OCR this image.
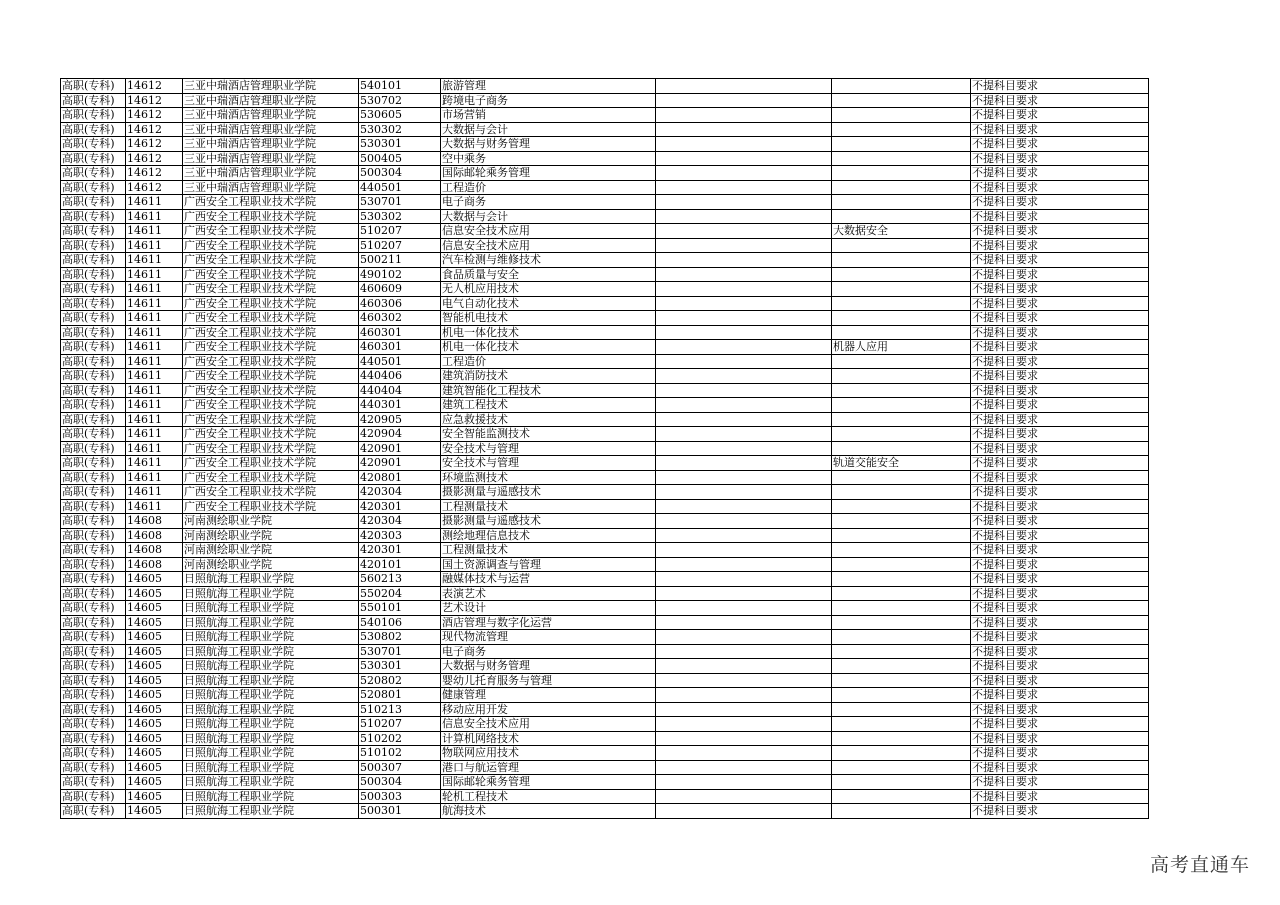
高职(专科)	14612	三亚中瑞酒店管理职业学院	540101	旅游管理			不提科目要求
高职(专科)	14612	三亚中瑞酒店管理职业学院	530702	跨境电子商务			不提科目要求
高职(专科)	14612	三亚中瑞酒店管理职业学院	530605	市场营销			不提科目要求
高职(专科)	14612	三亚中瑞酒店管理职业学院	530302	大数据与会计			不提科目要求
高职(专科)	14612	三亚中瑞酒店管理职业学院	530301	大数据与财务管理			不提科目要求
高职(专科)	14612	三亚中瑞酒店管理职业学院	500405	空中乘务			不提科目要求
高职(专科)	14612	三亚中瑞酒店管理职业学院	500304	国际邮轮乘务管理			不提科目要求
高职(专科)	14612	三亚中瑞酒店管理职业学院	440501	工程造价			不提科目要求
高职(专科)	14611	广西安全工程职业技术学院	530701	电子商务			不提科目要求
高职(专科)	14611	广西安全工程职业技术学院	530302	大数据与会计			不提科目要求
高职(专科)	14611	广西安全工程职业技术学院	510207	信息安全技术应用		大数据安全	不提科目要求
高职(专科)	14611	广西安全工程职业技术学院	510207	信息安全技术应用			不提科目要求
高职(专科)	14611	广西安全工程职业技术学院	500211	汽车检测与维修技术			不提科目要求
高职(专科)	14611	广西安全工程职业技术学院	490102	食品质量与安全			不提科目要求
高职(专科)	14611	广西安全工程职业技术学院	460609	无人机应用技术			不提科目要求
高职(专科)	14611	广西安全工程职业技术学院	460306	电气自动化技术			不提科目要求
高职(专科)	14611	广西安全工程职业技术学院	460302	智能机电技术			不提科目要求
高职(专科)	14611	广西安全工程职业技术学院	460301	机电一体化技术			不提科目要求
高职(专科)	14611	广西安全工程职业技术学院	460301	机电一体化技术		机器人应用	不提科目要求
高职(专科)	14611	广西安全工程职业技术学院	440501	工程造价			不提科目要求
高职(专科)	14611	广西安全工程职业技术学院	440406	建筑消防技术			不提科目要求
高职(专科)	14611	广西安全工程职业技术学院	440404	建筑智能化工程技术			不提科目要求
高职(专科)	14611	广西安全工程职业技术学院	440301	建筑工程技术			不提科目要求
高职(专科)	14611	广西安全工程职业技术学院	420905	应急救援技术			不提科目要求
高职(专科)	14611	广西安全工程职业技术学院	420904	安全智能监测技术			不提科目要求
高职(专科)	14611	广西安全工程职业技术学院	420901	安全技术与管理			不提科目要求
高职(专科)	14611	广西安全工程职业技术学院	420901	安全技术与管理		轨道交能安全	不提科目要求
高职(专科)	14611	广西安全工程职业技术学院	420801	环境监测技术			不提科目要求
高职(专科)	14611	广西安全工程职业技术学院	420304	摄影测量与遥感技术			不提科目要求
高职(专科)	14611	广西安全工程职业技术学院	420301	工程测量技术			不提科目要求
高职(专科)	14608	河南测绘职业学院	420304	摄影测量与遥感技术			不提科目要求
高职(专科)	14608	河南测绘职业学院	420303	测绘地理信息技术			不提科目要求
高职(专科)	14608	河南测绘职业学院	420301	工程测量技术			不提科目要求
高职(专科)	14608	河南测绘职业学院	420101	国土资源调查与管理			不提科目要求
高职(专科)	14605	日照航海工程职业学院	560213	融媒体技术与运营			不提科目要求
高职(专科)	14605	日照航海工程职业学院	550204	表演艺术			不提科目要求
高职(专科)	14605	日照航海工程职业学院	550101	艺术设计			不提科目要求
高职(专科)	14605	日照航海工程职业学院	540106	酒店管理与数字化运营			不提科目要求
高职(专科)	14605	日照航海工程职业学院	530802	现代物流管理			不提科目要求
高职(专科)	14605	日照航海工程职业学院	530701	电子商务			不提科目要求
高职(专科)	14605	日照航海工程职业学院	530301	大数据与财务管理			不提科目要求
高职(专科)	14605	日照航海工程职业学院	520802	婴幼儿托育服务与管理			不提科目要求
高职(专科)	14605	日照航海工程职业学院	520801	健康管理			不提科目要求
高职(专科)	14605	日照航海工程职业学院	510213	移动应用开发			不提科目要求
高职(专科)	14605	日照航海工程职业学院	510207	信息安全技术应用			不提科目要求
高职(专科)	14605	日照航海工程职业学院	510202	计算机网络技术			不提科目要求
高职(专科)	14605	日照航海工程职业学院	510102	物联网应用技术			不提科目要求
高职(专科)	14605	日照航海工程职业学院	500307	港口与航运管理			不提科目要求
高职(专科)	14605	日照航海工程职业学院	500304	国际邮轮乘务管理			不提科目要求
高职(专科)	14605	日照航海工程职业学院	500303	轮机工程技术			不提科目要求
高职(专科)	14605	日照航海工程职业学院	500301	航海技术			不提科目要求
高考直通车
